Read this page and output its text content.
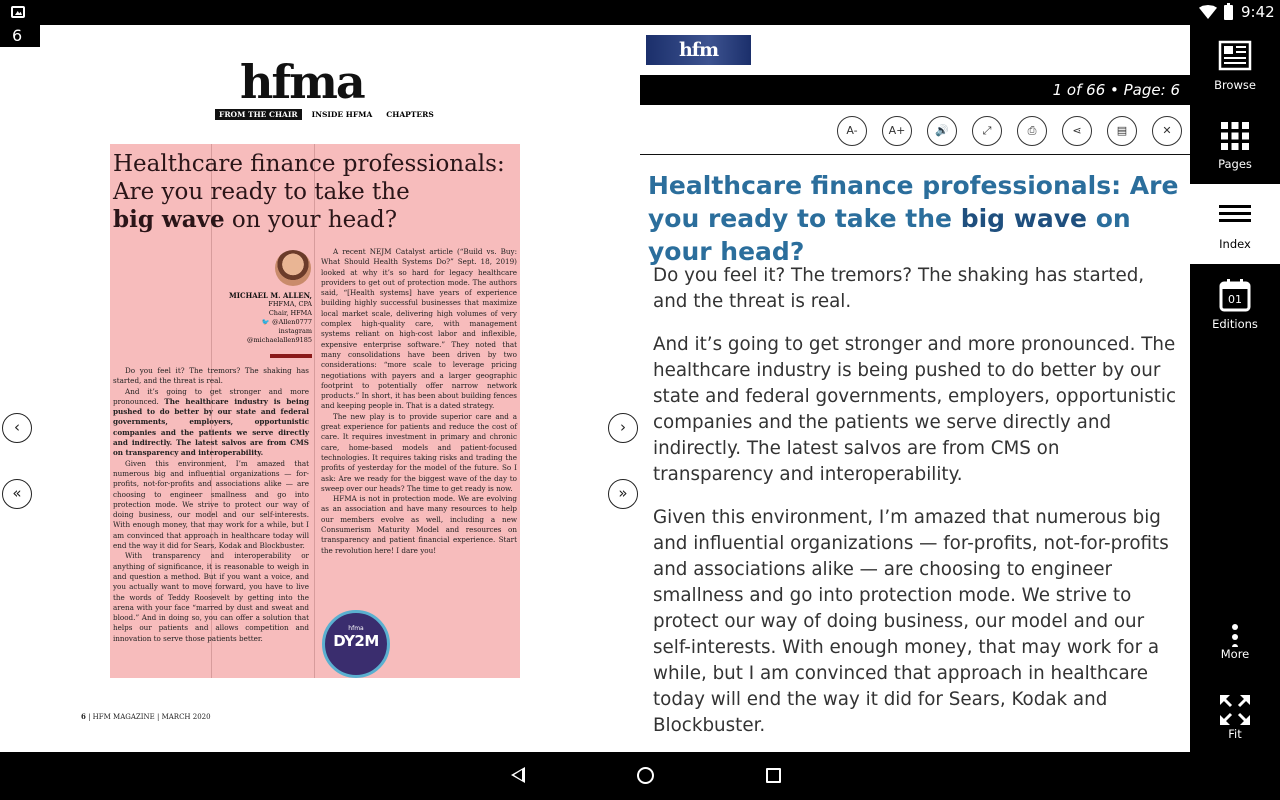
9:42
hfma
FROM THE CHAIR	INSIDE HFMA	CHAPTERS
Healthcare finance professionals:
Are you ready to take the
big wave on your head?
MICHAEL M. ALLEN,
FHFMA, CPA
Chair, HFMA
🐦 @Allen0777
instagram
@michaelallen9185

Do you feel it? The tremors? The shaking has started, and the threat is real.

And it’s going to get stronger and more pronounced. The healthcare industry is being pushed to do better by our state and federal governments, employers, opportunistic companies and the patients we serve directly and indirectly. The latest salvos are from CMS on transparency and interoperability.

Given this environment, I’m amazed that numerous big and influential organizations — for-profits, not-for-profits and associations alike — are choosing to engineer smallness and go into protection mode. We strive to protect our way of doing business, our model and our self-interests. With enough money, that may work for a while, but I am convinced that approach in healthcare today will end the way it did for Sears, Kodak and Blockbuster.

With transparency and interoperability or anything of significance, it is reasonable to weigh in and question a method. But if you want a voice, and you actually want to move forward, you have to live the words of Teddy Roosevelt by getting into the arena with your face “marred by dust and sweat and blood.” And in doing so, you can offer a solution that helps our patients and allows competition and innovation to serve those patients better.

A recent NEJM Catalyst article (“Build vs. Buy: What Should Health Systems Do?” Sept. 18, 2019) looked at why it’s so hard for legacy healthcare providers to get out of protection mode. The authors said, “[Health systems] have years of experience building highly successful businesses that maximize local market scale, delivering high volumes of very complex high-quality care, with management systems reliant on high-cost labor and inflexible, expensive enterprise software.” They noted that many consolidations have been driven by two considerations: “more scale to leverage pricing negotiations with payers and a larger geographic footprint to potentially offer narrow network products.” In short, it has been about building fences and keeping people in. That is a dated strategy.

The new play is to provide superior care and a great experience for patients and reduce the cost of care. It requires investment in primary and chronic care, home-based models and patient-focused technologies. It requires taking risks and trading the profits of yesterday for the model of the future. So I ask: Are we ready for the biggest wave of the day to sweep over our heads? The time to get ready is now.

HFMA is not in protection mode. We are evolving as an association and have many resources to help our members evolve as well, including a new Consumerism Maturity Model and resources on transparency and patient financial experience. Start the revolution here! I dare you!

hfma
DY2M
6 | HFM MAGAZINE | MARCH 2020
‹
«
›
»
hfm
1 of 66 • Page: 6
A-	A+	🔊	⤢	⎙	⋖	▤	✕
Healthcare finance professionals: Are you ready to take the big wave on your head?

Do you feel it? The tremors? The shaking has started, and the threat is real.

And it’s going to get stronger and more pronounced. The healthcare industry is being pushed to do better by our state and federal governments, employers, opportunistic companies and the patients we serve directly and indirectly. The latest salvos are from CMS on transparency and interoperability.

Given this environment, I’m amazed that numerous big and influential organizations — for-profits, not-for-profits and associations alike — are choosing to engineer smallness and go into protection mode. We strive to protect our way of doing business, our model and our self-interests. With enough money, that may work for a while, but I am convinced that approach in healthcare today will end the way it did for Sears, Kodak and Blockbuster.

6
Browse
Pages
Index
01
Editions
More
Fit
